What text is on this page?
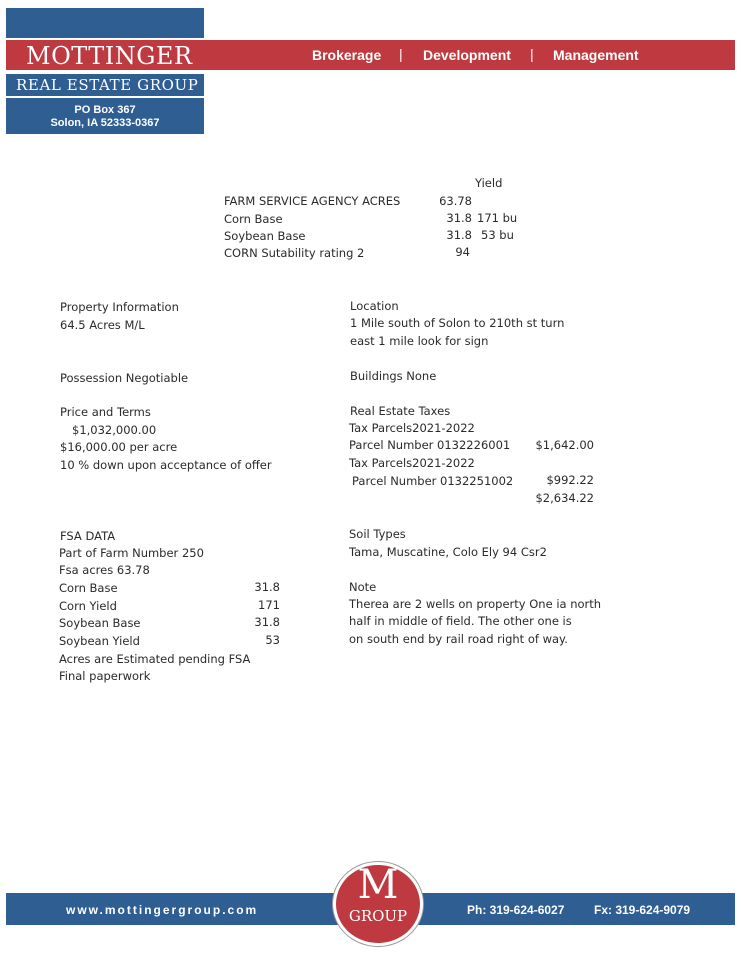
MOTTINGER
REAL ESTATE GROUP
PO Box 367
Solon, IA 52333-0367
Brokerage | Development | Management
Yield
FARM SERVICE AGENCY ACRES	63.78
Corn Base	31.8 171 bu
Soybean Base	31.8 53 bu
CORN Sutability rating 2	94
Property Information
64.5 Acres M/L
Location
1 Mile south of Solon to 210th st turn
east 1 mile look for sign
Possession Negotiable	Buildings None
Price and Terms
$1,032,000.00
$16,000.00 per acre
10 % down upon acceptance of offer
Real Estate Taxes
Tax Parcels2021-2022
Parcel Number 0132226001	$1,642.00
Tax Parcels2021-2022
Parcel Number 0132251002	$992.22
$2,634.22
FSA DATA
Part of Farm Number 250
Fsa acres 63.78
Corn Base	31.8
Corn Yield	171
Soybean Base	31.8
Soybean Yield	53
Acres are Estimated pending FSA
Final paperwork
Soil Types
Tama, Muscatine, Colo Ely 94 Csr2
Note
Therea are 2 wells on property One ia north
half in middle of field. The other one is
on south end by rail road right of way.
www.mottingergroup.com	Ph: 319-624-6027 Fx: 319-624-9079
M
GROUP
